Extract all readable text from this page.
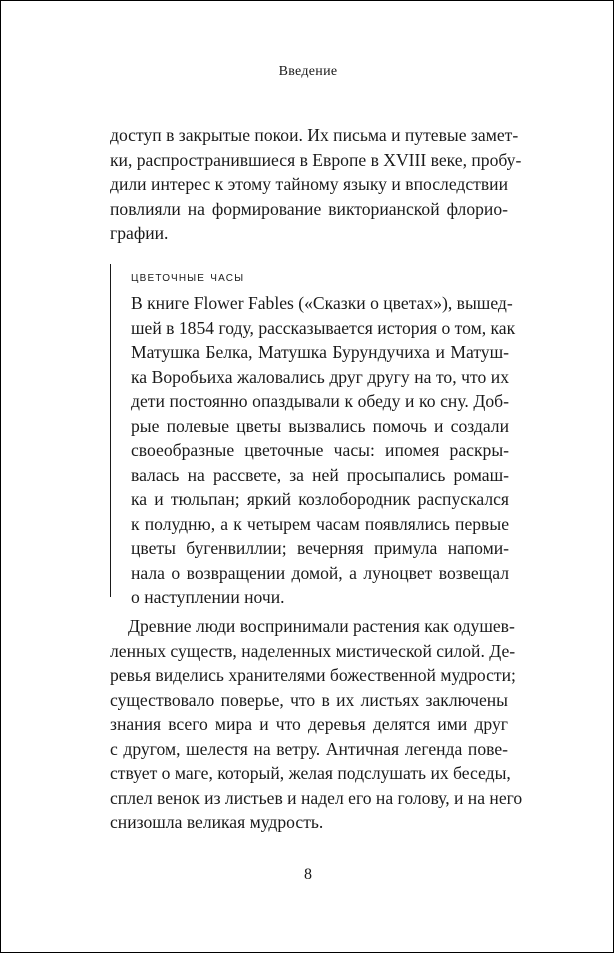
Введение
доступ в закрытые покои. Их письма и путевые замет-
ки, распространившиеся в Европе в XVIII веке, пробу-
дили интерес к этому тайному языку и впоследствии
повлияли на формирование викторианской флорио-
графии.
цветочные часы
В книге Flower Fables («Сказки о цветах»), вышед-
шей в 1854 году, рассказывается история о том, как
Матушка Белка, Матушка Бурундучиха и Матуш-
ка Воробьиха жаловались друг другу на то, что их
дети постоянно опаздывали к обеду и ко сну. Доб-
рые полевые цветы вызвались помочь и создали
своеобразные цветочные часы: ипомея раскры-
валась на рассвете, за ней просыпались ромаш-
ка и тюльпан; яркий козлобородник распускался
к полудню, а к четырем часам появлялись первые
цветы бугенвиллии; вечерняя примула напоми-
нала о возвращении домой, а луноцвет возвещал
о наступлении ночи.
Древние люди воспринимали растения как одушев-
ленных существ, наделенных мистической силой. Де-
ревья виделись хранителями божественной мудрости;
существовало поверье, что в их листьях заключены
знания всего мира и что деревья делятся ими друг
с другом, шелестя на ветру. Античная легенда пове-
ствует о маге, который, желая подслушать их беседы,
сплел венок из листьев и надел его на голову, и на него
снизошла великая мудрость.
8
